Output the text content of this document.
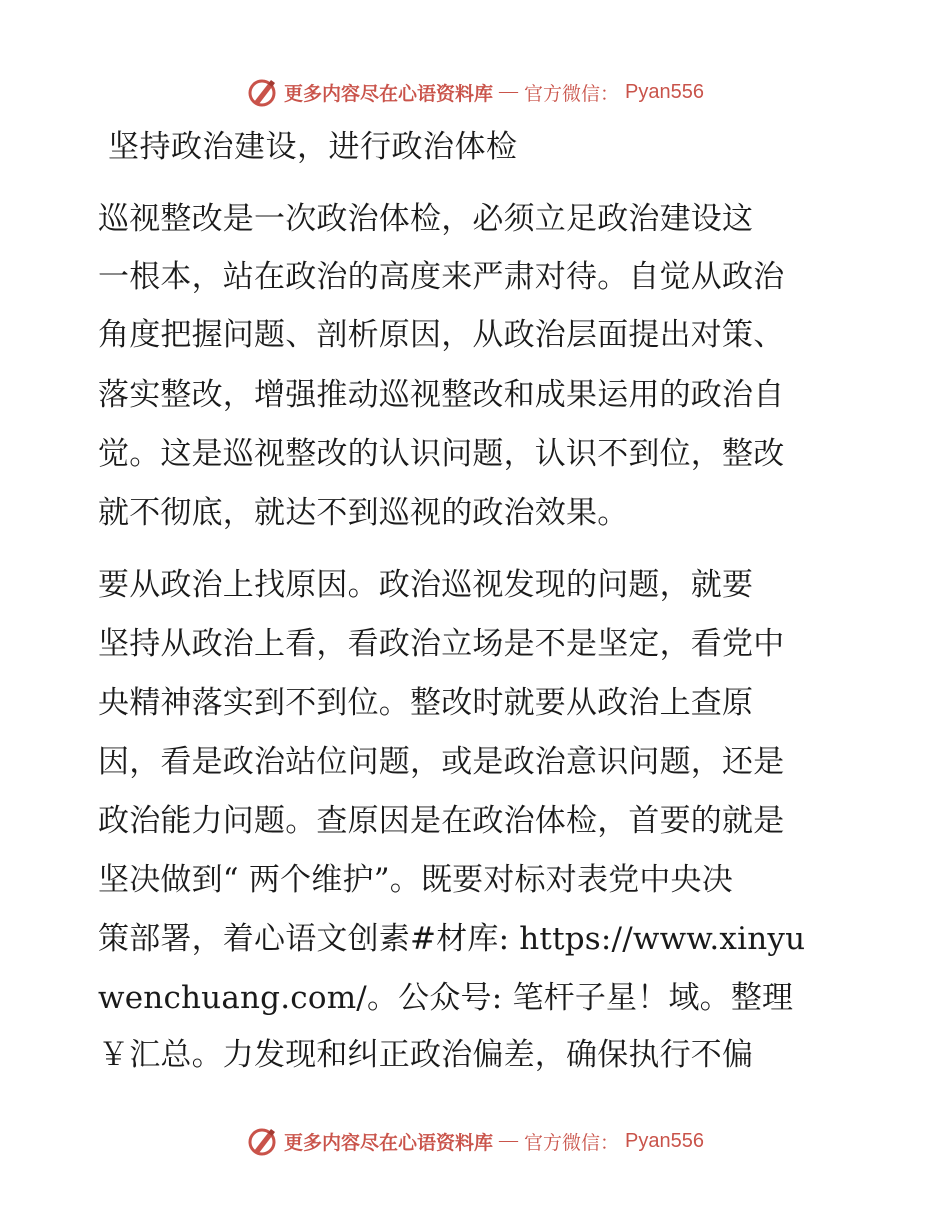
更多内容尽在心语资料库 — 官方微信： Pyan556
坚持政治建设，进行政治体检
巡视整改是一次政治体检，必须立足政治建设这
一根本，站在政治的高度来严肃对待。自觉从政治
角度把握问题、剖析原因，从政治层面提出对策、
落实整改，增强推动巡视整改和成果运用的政治自
觉。这是巡视整改的认识问题，认识不到位，整改
就不彻底，就达不到巡视的政治效果。
要从政治上找原因。政治巡视发现的问题，就要
坚持从政治上看，看政治立场是不是坚定，看党中
央精神落实到不到位。整改时就要从政治上查原
因，看是政治站位问题，或是政治意识问题，还是
政治能力问题。查原因是在政治体检，首要的就是
坚决做到“ 两个维护”。既要对标对表党中央决
策部署，着心语文创素#材库: https://www.xinyu
wenchuang.com/。公众号: 笔杆子星！域。整理
￥汇总。力发现和纠正政治偏差，确保执行不偏
更多内容尽在心语资料库 — 官方微信： Pyan556
